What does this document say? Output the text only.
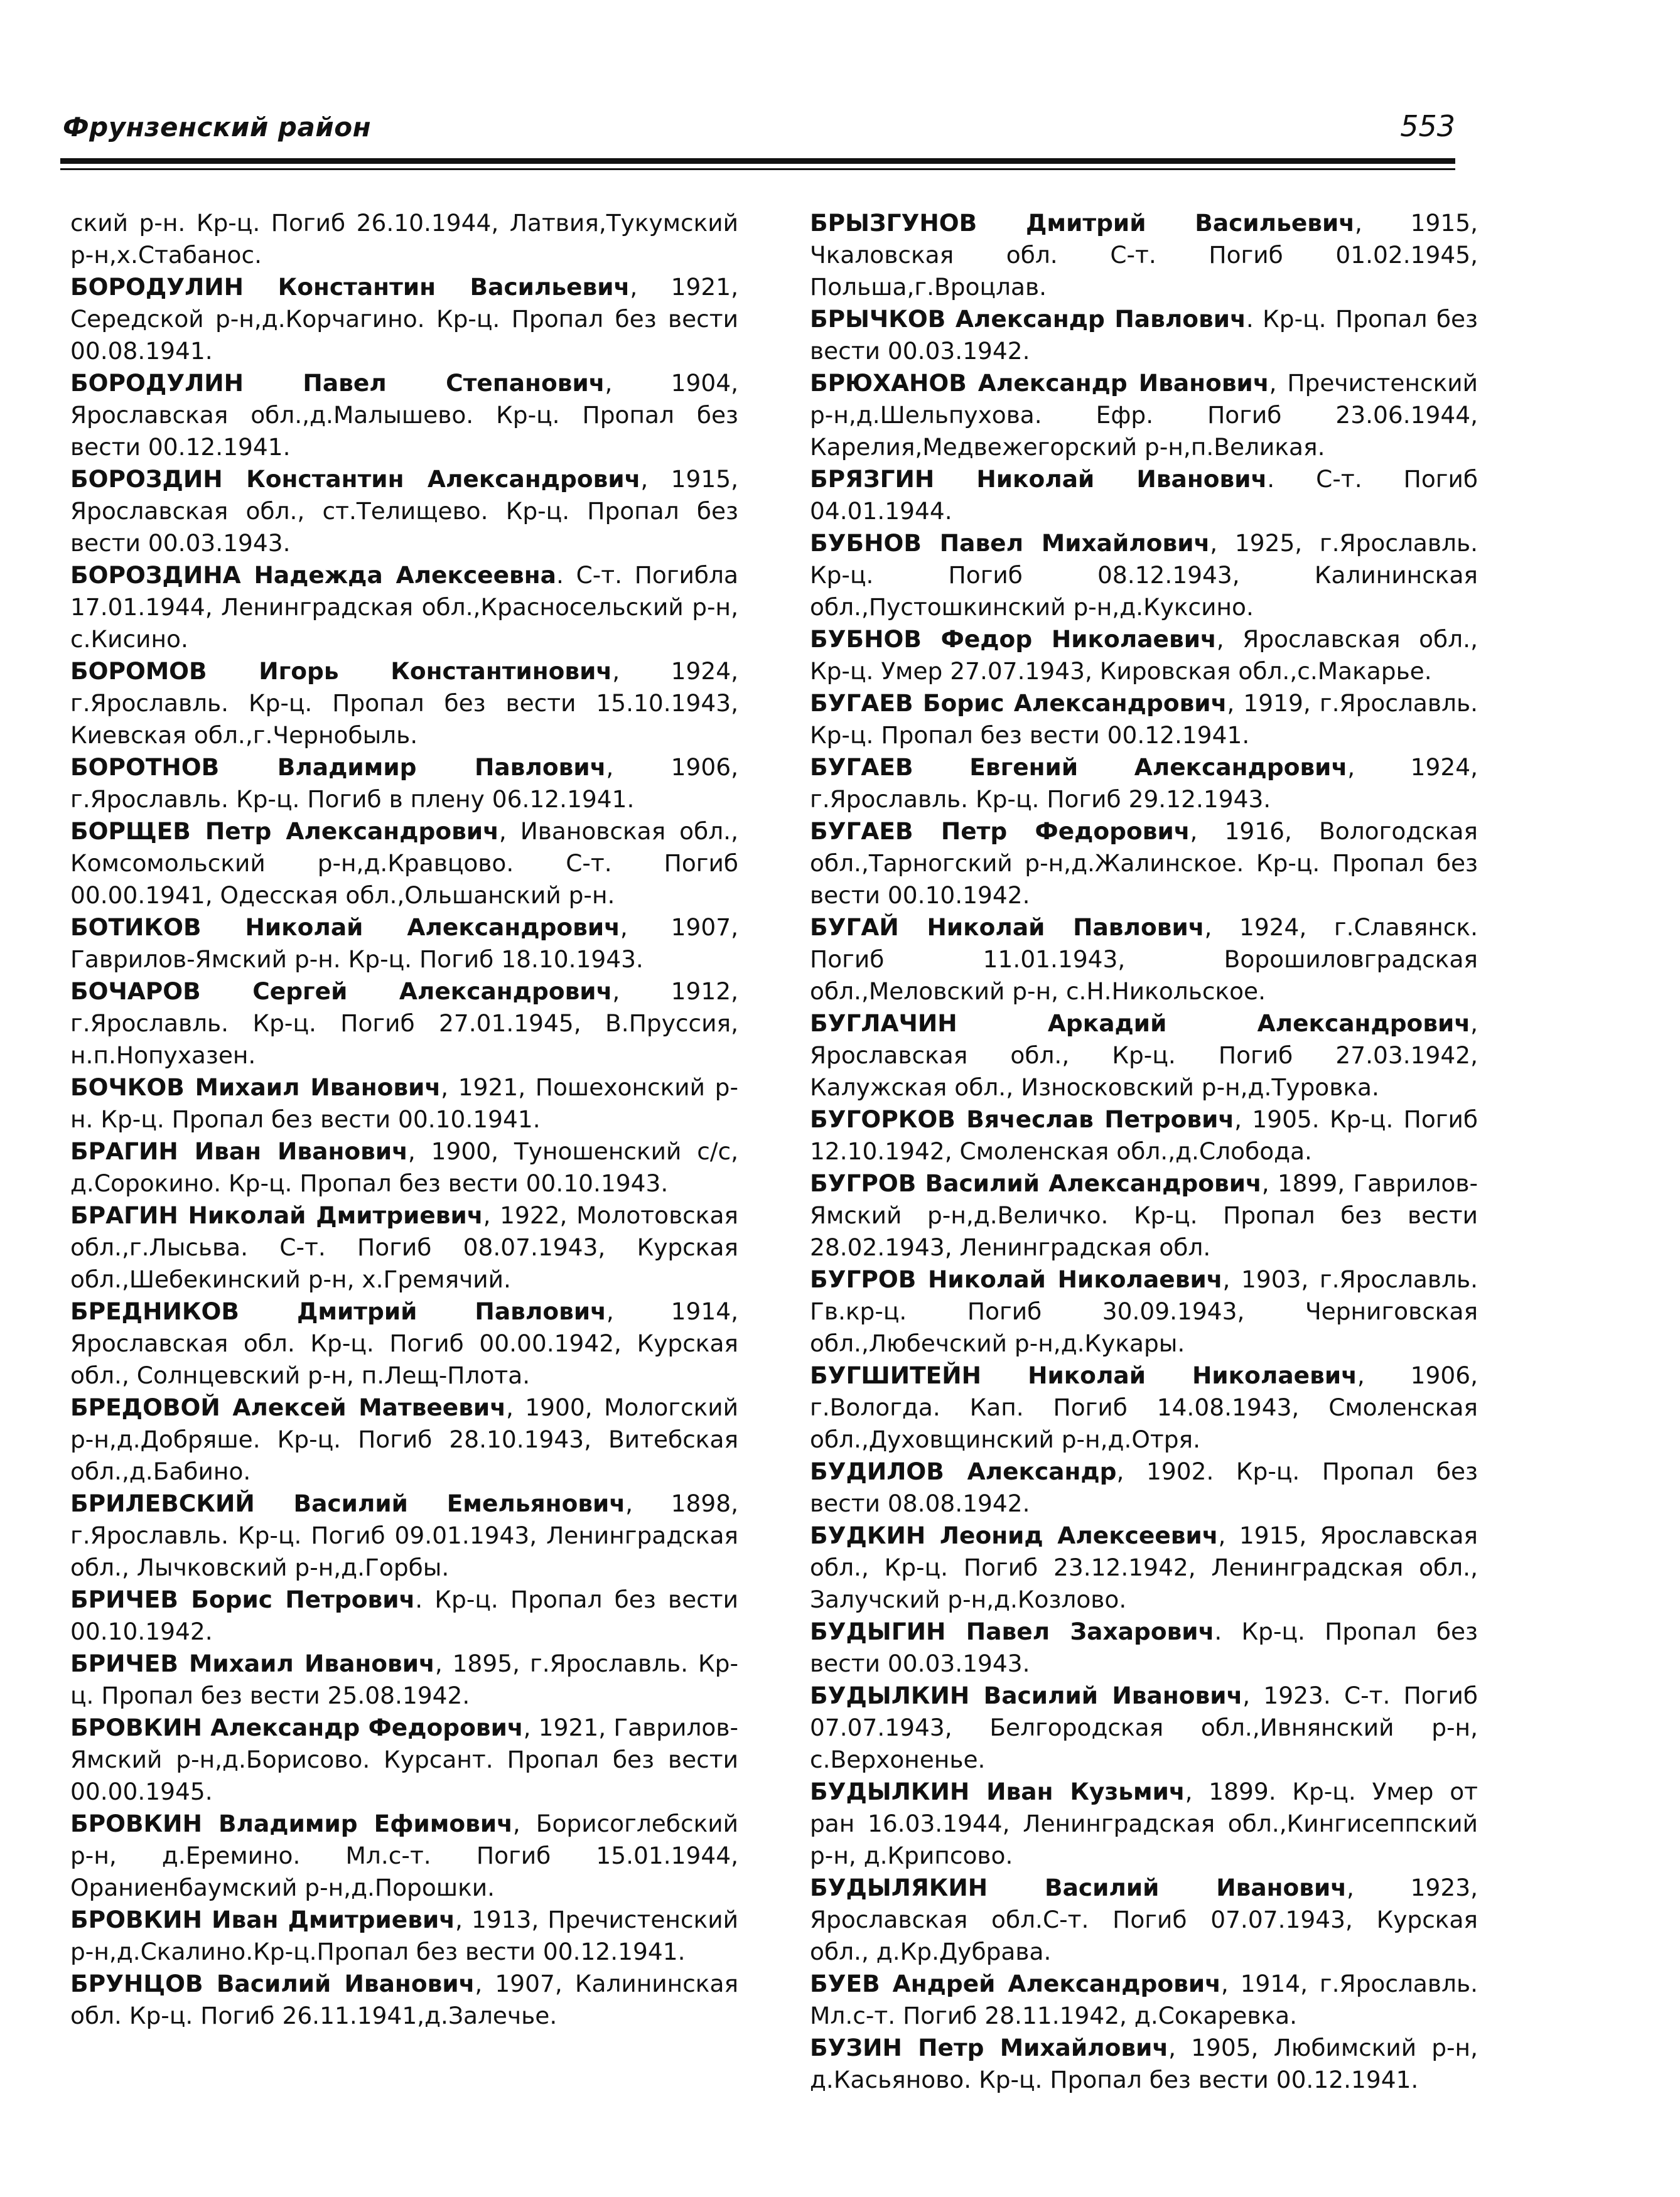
Фрунзенский район	553

ский р-н. Кр-ц. Погиб 26.10.1944, Латвия,Тукумский р-н,х.Стабанос.

БОРОДУЛИН Константин Васильевич, 1921, Середской р-н,д.Корчагино. Кр-ц. Пропал без вести 00.08.1941.

БОРОДУЛИН Павел Степанович, 1904, Ярославская обл.,д.Малышево. Кр-ц. Пропал без вести 00.12.1941.

БОРОЗДИН Константин Александрович, 1915, Ярославская обл., ст.Телищево. Кр-ц. Пропал без вести 00.03.1943.

БОРОЗДИНА Надежда Алексеевна. С-т. Погибла 17.01.1944, Ленинградская обл.,Красносельский р-н, с.Кисино.

БОРОМОВ Игорь Константинович, 1924, г.Ярославль. Кр-ц. Пропал без вести 15.10.1943, Киевская обл.,г.Чернобыль.

БОРОТНОВ Владимир Павлович, 1906, г.Ярославль. Кр-ц. Погиб в плену 06.12.1941.

БОРЩЕВ Петр Александрович, Ивановская обл., Комсомольский р-н,д.Кравцово. С-т. Погиб 00.00.1941, Одесская обл.,Ольшанский р-н.

БОТИКОВ Николай Александрович, 1907, Гаврилов-Ямский р-н. Кр-ц. Погиб 18.10.1943.

БОЧАРОВ Сергей Александрович, 1912, г.Ярославль. Кр-ц. Погиб 27.01.1945, В.Пруссия, н.п.Нопухазен.

БОЧКОВ Михаил Иванович, 1921, Пошехонский р-н. Кр-ц. Пропал без вести 00.10.1941.

БРАГИН Иван Иванович, 1900, Туношенский с/с, д.Сорокино. Кр-ц. Пропал без вести 00.10.1943.

БРАГИН Николай Дмитриевич, 1922, Молотовская обл.,г.Лысьва. С-т. Погиб 08.07.1943, Курская обл.,Шебекинский р-н, х.Гремячий.

БРЕДНИКОВ Дмитрий Павлович, 1914, Ярославская обл. Кр-ц. Погиб 00.00.1942, Курская обл., Солнцевский р-н, п.Лещ-Плота.

БРЕДОВОЙ Алексей Матвеевич, 1900, Мологский р-н,д.Добряше. Кр-ц. Погиб 28.10.1943, Витебская обл.,д.Бабино.

БРИЛЕВСКИЙ Василий Емельянович, 1898, г.Ярославль. Кр-ц. Погиб 09.01.1943, Ленинградская обл., Лычковский р-н,д.Горбы.

БРИЧЕВ Борис Петрович. Кр-ц. Пропал без вести 00.10.1942.

БРИЧЕВ Михаил Иванович, 1895, г.Ярославль. Кр-ц. Пропал без вести 25.08.1942.

БРОВКИН Александр Федорович, 1921, Гаврилов-Ямский р-н,д.Борисово. Курсант. Пропал без вести 00.00.1945.

БРОВКИН Владимир Ефимович, Борисоглебский р-н, д.Еремино. Мл.с-т. Погиб 15.01.1944, Ораниенбаумский р-н,д.Порошки.

БРОВКИН Иван Дмитриевич, 1913, Пречистенский р-н,д.Скалино.Кр-ц.Пропал без вести 00.12.1941.

БРУНЦОВ Василий Иванович, 1907, Калининская обл. Кр-ц. Погиб 26.11.1941,д.Залечье.

БРЫЗГУНОВ Дмитрий Васильевич, 1915, Чкаловская обл. С-т. Погиб 01.02.1945, Польша,г.Вроцлав.

БРЫЧКОВ Александр Павлович. Кр-ц. Пропал без вести 00.03.1942.

БРЮХАНОВ Александр Иванович, Пречистенский р-н,д.Шельпухова. Ефр. Погиб 23.06.1944, Карелия,Медвежегорский р-н,п.Великая.

БРЯЗГИН Николай Иванович. С-т. Погиб 04.01.1944.

БУБНОВ Павел Михайлович, 1925, г.Ярославль. Кр-ц. Погиб 08.12.1943, Калининская обл.,Пустошкинский р-н,д.Куксино.

БУБНОВ Федор Николаевич, Ярославская обл., Кр-ц. Умер 27.07.1943, Кировская обл.,с.Макарье.

БУГАЕВ Борис Александрович, 1919, г.Ярославль. Кр-ц. Пропал без вести 00.12.1941.

БУГАЕВ Евгений Александрович, 1924, г.Ярославль. Кр-ц. Погиб 29.12.1943.

БУГАЕВ Петр Федорович, 1916, Вологодская обл.,Тарногский р-н,д.Жалинское. Кр-ц. Пропал без вести 00.10.1942.

БУГАЙ Николай Павлович, 1924, г.Славянск. Погиб 11.01.1943, Ворошиловградская обл.,Меловский р-н, с.Н.Никольское.

БУГЛАЧИН Аркадий Александрович, Ярославская обл., Кр-ц. Погиб 27.03.1942, Калужская обл., Износковский р-н,д.Туровка.

БУГОРКОВ Вячеслав Петрович, 1905. Кр-ц. Погиб 12.10.1942, Смоленская обл.,д.Слобода.

БУГРОВ Василий Александрович, 1899, Гаврилов-Ямский р-н,д.Величко. Кр-ц. Пропал без вести 28.02.1943, Ленинградская обл.

БУГРОВ Николай Николаевич, 1903, г.Ярославль. Гв.кр-ц. Погиб 30.09.1943, Черниговская обл.,Любечский р-н,д.Кукары.

БУГШИТЕЙН Николай Николаевич, 1906, г.Вологда. Кап. Погиб 14.08.1943, Смоленская обл.,Духовщинский р-н,д.Отря.

БУДИЛОВ Александр, 1902. Кр-ц. Пропал без вести 08.08.1942.

БУДКИН Леонид Алексеевич, 1915, Ярославская обл., Кр-ц. Погиб 23.12.1942, Ленинградская обл., Залучский р-н,д.Козлово.

БУДЫГИН Павел Захарович. Кр-ц. Пропал без вести 00.03.1943.

БУДЫЛКИН Василий Иванович, 1923. С-т. Погиб 07.07.1943, Белгородская обл.,Ивнянский р-н, с.Верхоненье.

БУДЫЛКИН Иван Кузьмич, 1899. Кр-ц. Умер от ран 16.03.1944, Ленинградская обл.,Кингисеппский р-н, д.Крипсово.

БУДЫЛЯКИН Василий Иванович, 1923, Ярославская обл.С-т. Погиб 07.07.1943, Курская обл., д.Кр.Дубрава.

БУЕВ Андрей Александрович, 1914, г.Ярославль. Мл.с-т. Погиб 28.11.1942, д.Сокаревка.

БУЗИН Петр Михайлович, 1905, Любимский р-н, д.Касьяново. Кр-ц. Пропал без вести 00.12.1941.
